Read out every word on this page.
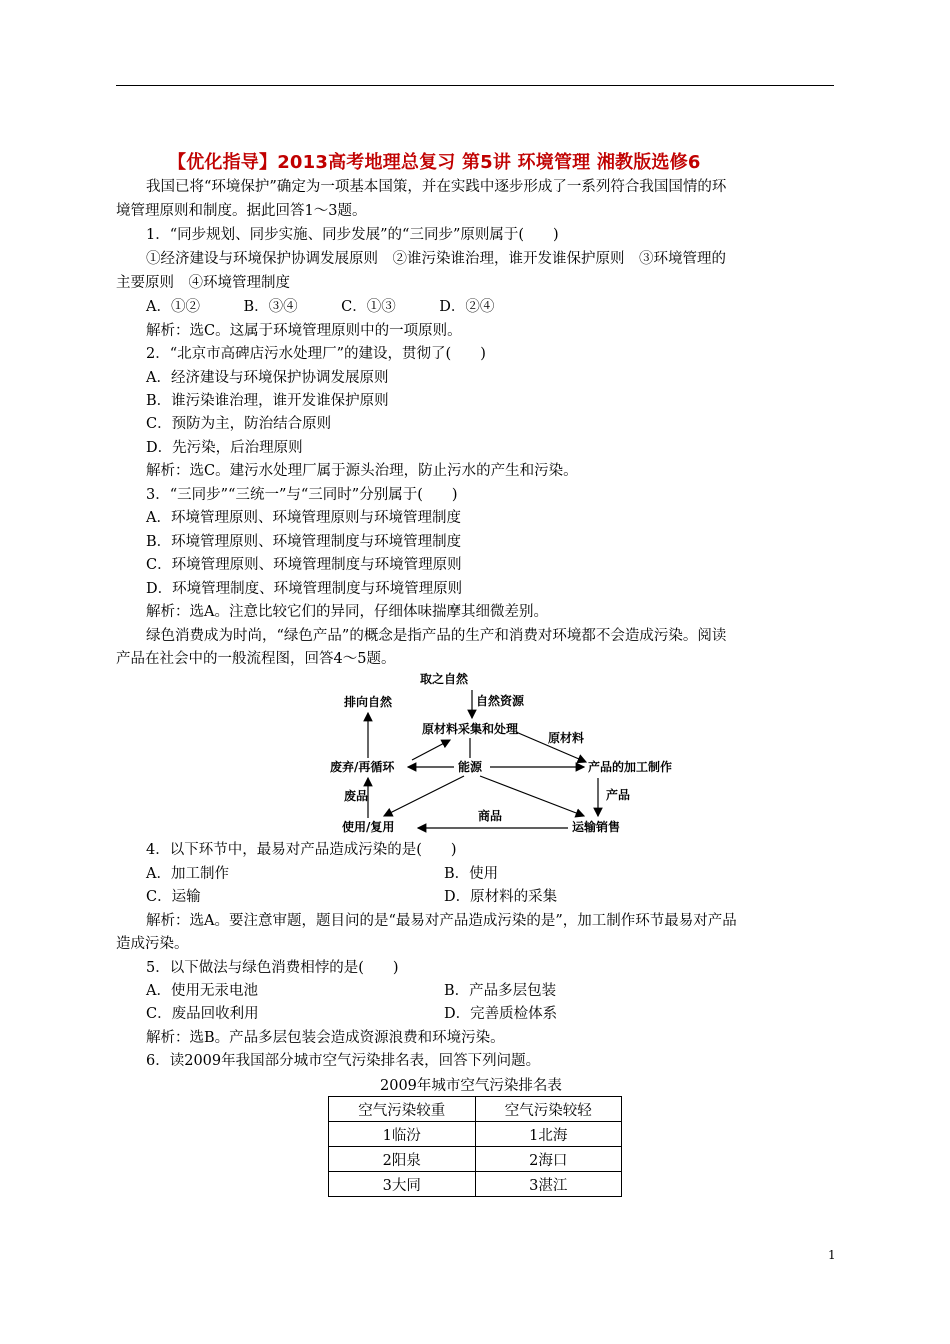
【优化指导】2013高考地理总复习 第5讲 环境管理 湘教版选修6
我国已将“环境保护”确定为一项基本国策，并在实践中逐步形成了一系列符合我国国情的环
境管理原则和制度。据此回答1～3题。
1．“同步规划、同步实施、同步发展”的“三同步”原则属于(　　)
①经济建设与环境保护协调发展原则　②谁污染谁治理，谁开发谁保护原则　③环境管理的
主要原则　④环境管理制度
A．①②　　　B．③④　　　C．①③　　　D．②④
解析：选C。这属于环境管理原则中的一项原则。
2．“北京市高碑店污水处理厂”的建设，贯彻了(　　)
A．经济建设与环境保护协调发展原则
B．谁污染谁治理，谁开发谁保护原则
C．预防为主，防治结合原则
D．先污染，后治理原则
解析：选C。建污水处理厂属于源头治理，防止污水的产生和污染。
3．“三同步”“三统一”与“三同时”分别属于(　　)
A．环境管理原则、环境管理原则与环境管理制度
B．环境管理原则、环境管理制度与环境管理制度
C．环境管理原则、环境管理制度与环境管理原则
D．环境管理制度、环境管理制度与环境管理原则
解析：选A。注意比较它们的异同，仔细体味揣摩其细微差别。
绿色消费成为时尚，“绿色产品”的概念是指产品的生产和消费对环境都不会造成污染。阅读
产品在社会中的一般流程图，回答4～5题。
取之自然
自然资源
排向自然
原材料采集和处理
原材料
废弃/再循环	能源	产品的加工制作
废品	产品
商品
使用/复用	运输销售
4．以下环节中，最易对产品造成污染的是(　　)
A．加工制作	B．使用
C．运输	D．原材料的采集
解析：选A。要注意审题，题目问的是“最易对产品造成污染的是”，加工制作环节最易对产品
造成污染。
5．以下做法与绿色消费相悖的是(　　)
A．使用无汞电池	B．产品多层包装
C．废品回收利用	D．完善质检体系
解析：选B。产品多层包装会造成资源浪费和环境污染。
6．读2009年我国部分城市空气污染排名表，回答下列问题。
2009年城市空气污染排名表
空气污染较重	空气污染较轻
1临汾	1北海
2阳泉	2海口
3大同	3湛江
1
